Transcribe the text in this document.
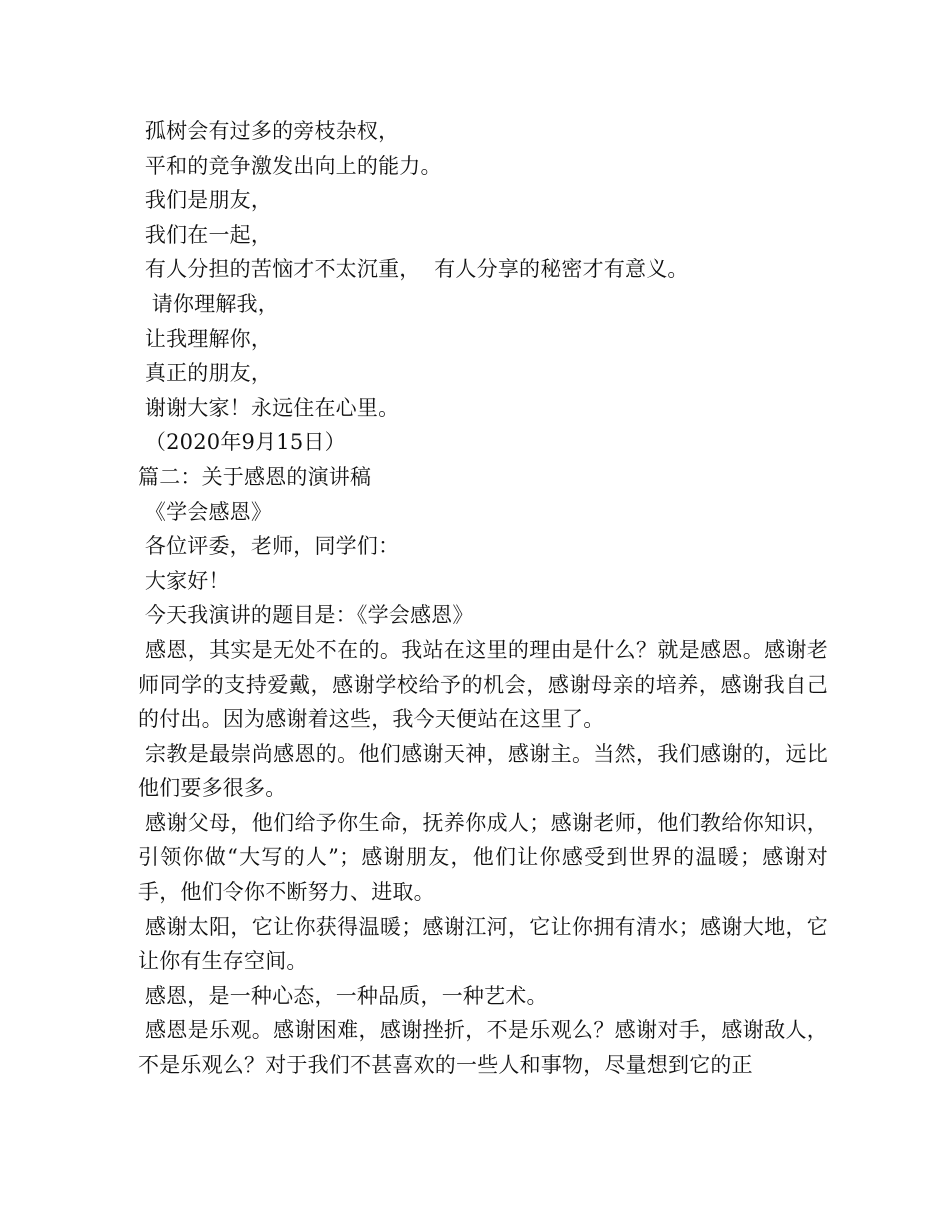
孤树会有过多的旁枝杂杈，
平和的竞争激发出向上的能力。
我们是朋友，
我们在一起，
有人分担的苦恼才不太沉重，  有人分享的秘密才有意义。
请你理解我，
让我理解你，
真正的朋友，
谢谢大家！永远住在心里。
（2020年9月15日）
篇二：关于感恩的演讲稿
《学会感恩》
各位评委，老师，同学们：
大家好！
今天我演讲的题目是：《学会感恩》
感恩，其实是无处不在的。我站在这里的理由是什么？就是感恩。感谢老师同学的支持爱戴，感谢学校给予的机会，感谢母亲的培养，感谢我自己的付出。因为感谢着这些，我今天便站在这里了。
宗教是最崇尚感恩的。他们感谢天神，感谢主。当然，我们感谢的，远比他们要多很多。
感谢父母，他们给予你生命，抚养你成人；感谢老师，他们教给你知识，引领你做“大写的人”；感谢朋友，他们让你感受到世界的温暖；感谢对手，他们令你不断努力、进取。
感谢太阳，它让你获得温暖；感谢江河，它让你拥有清水；感谢大地，它让你有生存空间。
感恩，是一种心态，一种品质，一种艺术。
感恩是乐观。感谢困难，感谢挫折，不是乐观么？感谢对手，感谢敌人，不是乐观么？对于我们不甚喜欢的一些人和事物，尽量想到它的正
